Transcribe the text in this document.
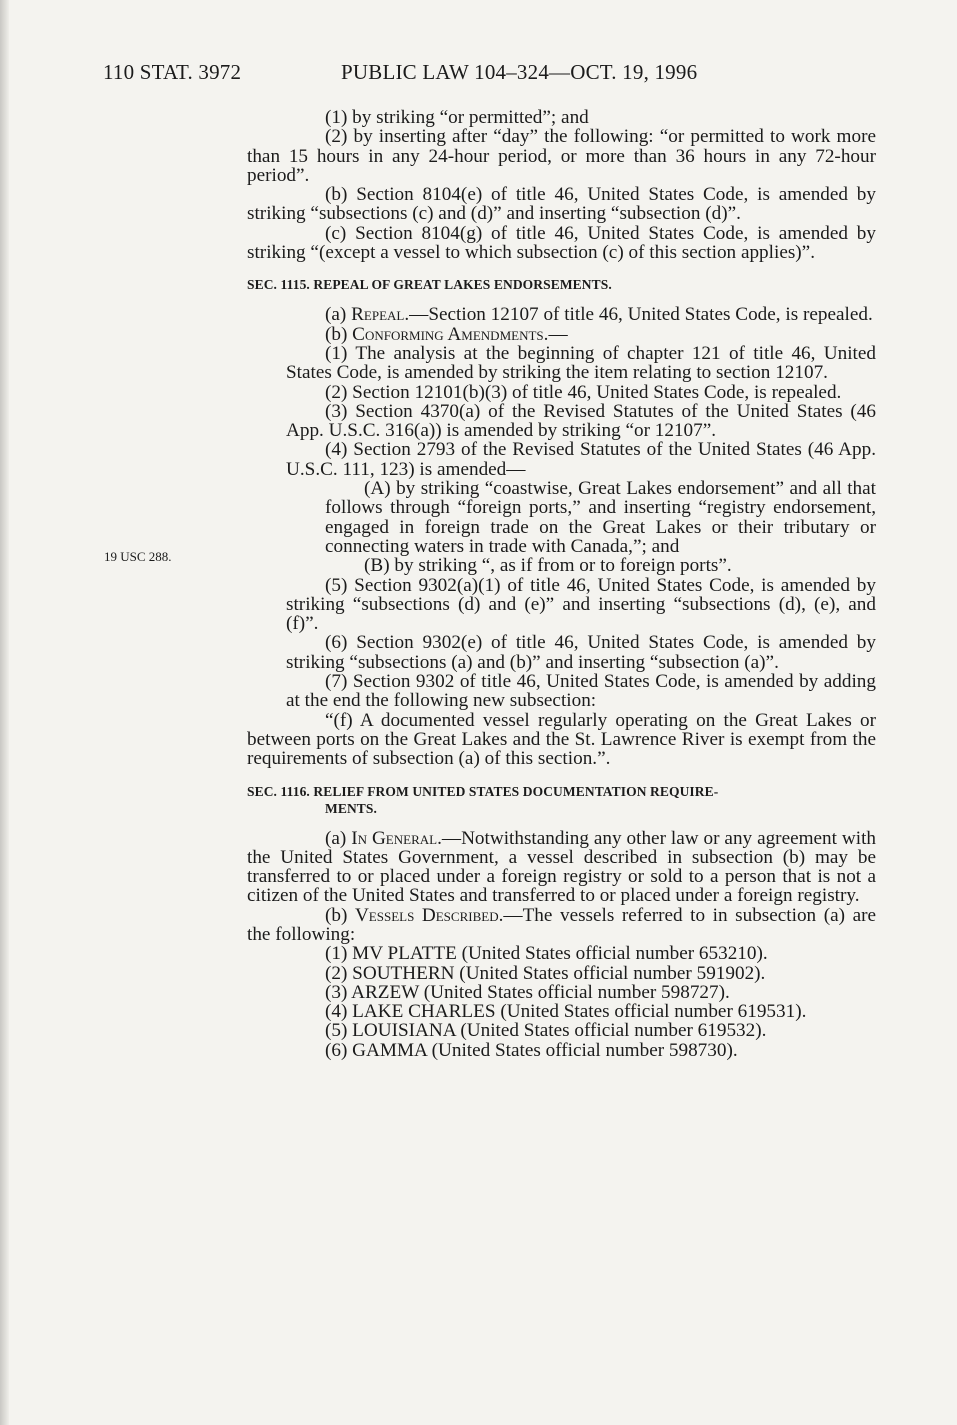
110 STAT. 3972	PUBLIC LAW 104–324—OCT. 19, 1996
19 USC 288.

(1) by striking “or permitted”; and

(2) by inserting after “day” the following: “or permitted to work more than 15 hours in any 24-hour period, or more than 36 hours in any 72-hour period”.

(b) Section 8104(e) of title 46, United States Code, is amended by striking “subsections (c) and (d)” and inserting “subsection (d)”.

(c) Section 8104(g) of title 46, United States Code, is amended by striking “(except a vessel to which subsection (c) of this section applies)”.

SEC. 1115. REPEAL OF GREAT LAKES ENDORSEMENTS.

(a) Repeal.—Section 12107 of title 46, United States Code, is repealed.

(b) Conforming Amendments.—

(1) The analysis at the beginning of chapter 121 of title 46, United States Code, is amended by striking the item relating to section 12107.

(2) Section 12101(b)(3) of title 46, United States Code, is repealed.

(3) Section 4370(a) of the Revised Statutes of the United States (46 App. U.S.C. 316(a)) is amended by striking “or 12107”.

(4) Section 2793 of the Revised Statutes of the United States (46 App. U.S.C. 111, 123) is amended—

(A) by striking “coastwise, Great Lakes endorsement” and all that follows through “foreign ports,” and inserting “registry endorsement, engaged in foreign trade on the Great Lakes or their tributary or connecting waters in trade with Canada,”; and

(B) by striking “, as if from or to foreign ports”.

(5) Section 9302(a)(1) of title 46, United States Code, is amended by striking “subsections (d) and (e)” and inserting “subsections (d), (e), and (f)”.

(6) Section 9302(e) of title 46, United States Code, is amended by striking “subsections (a) and (b)” and inserting “subsection (a)”.

(7) Section 9302 of title 46, United States Code, is amended by adding at the end the following new subsection:

“(f) A documented vessel regularly operating on the Great Lakes or between ports on the Great Lakes and the St. Lawrence River is exempt from the requirements of subsection (a) of this section.”.

SEC. 1116. RELIEF FROM UNITED STATES DOCUMENTATION REQUIRE-
MENTS.

(a) In General.—Notwithstanding any other law or any agreement with the United States Government, a vessel described in subsection (b) may be transferred to or placed under a foreign registry or sold to a person that is not a citizen of the United States and transferred to or placed under a foreign registry.

(b) Vessels Described.—The vessels referred to in subsection (a) are the following:

(1) MV PLATTE (United States official number 653210).

(2) SOUTHERN (United States official number 591902).

(3) ARZEW (United States official number 598727).

(4) LAKE CHARLES (United States official number 619531).

(5) LOUISIANA (United States official number 619532).

(6) GAMMA (United States official number 598730).
